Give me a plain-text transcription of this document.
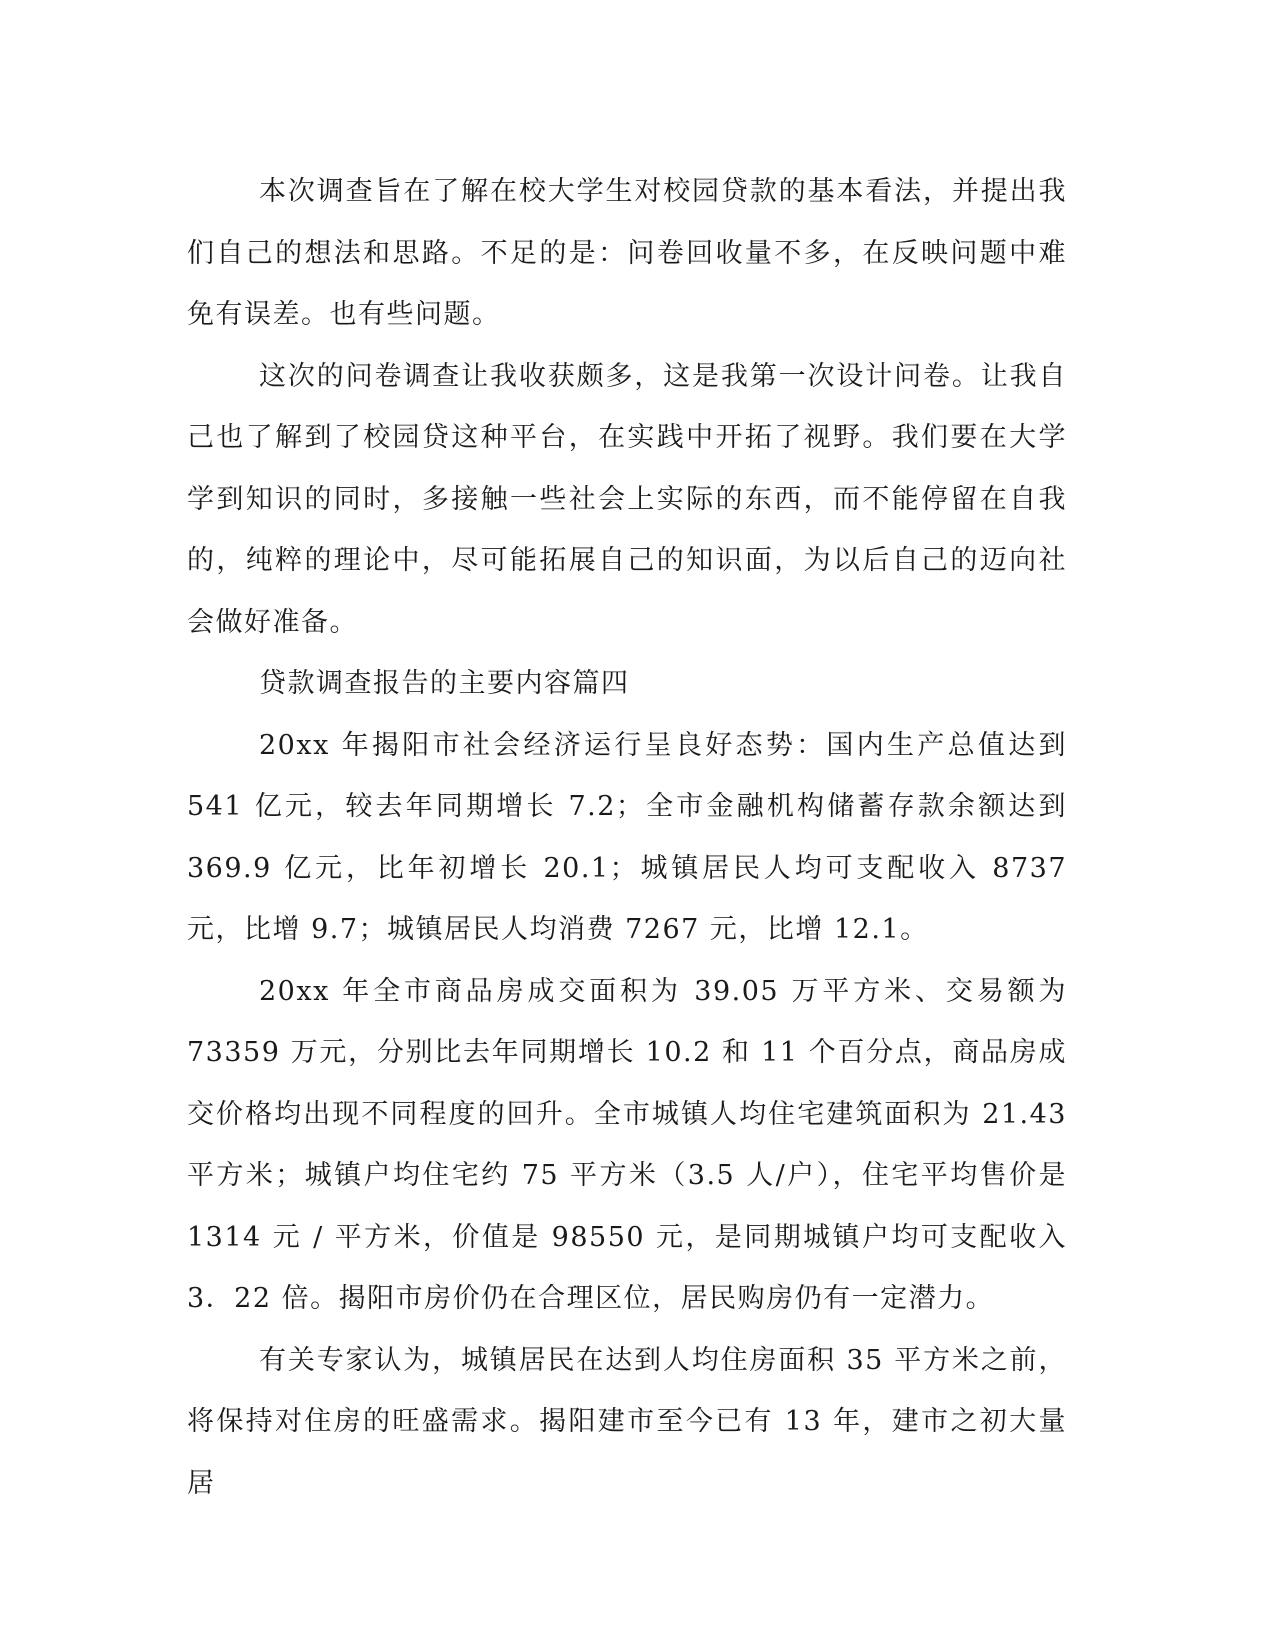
本次调查旨在了解在校大学生对校园贷款的基本看法，并提出我们自己的想法和思路。不足的是：问卷回收量不多，在反映问题中难免有误差。也有些问题。

这次的问卷调查让我收获颇多，这是我第一次设计问卷。让我自己也了解到了校园贷这种平台，在实践中开拓了视野。我们要在大学学到知识的同时，多接触一些社会上实际的东西，而不能停留在自我的，纯粹的理论中，尽可能拓展自己的知识面，为以后自己的迈向社会做好准备。

贷款调查报告的主要内容篇四

20xx 年揭阳市社会经济运行呈良好态势：国内生产总值达到 541 亿元，较去年同期增长 7.2；全市金融机构储蓄存款余额达到 369.9 亿元，比年初增长 20.1；城镇居民人均可支配收入 8737 元，比增 9.7；城镇居民人均消费 7267 元，比增 12.1。

20xx 年全市商品房成交面积为 39.05 万平方米、交易额为 73359 万元，分别比去年同期增长 10.2 和 11 个百分点，商品房成交价格均出现不同程度的回升。全市城镇人均住宅建筑面积为 21.43 平方米；城镇户均住宅约 75 平方米（3.5 人/户），住宅平均售价是 1314 元 / 平方米，价值是 98550 元，是同期城镇户均可支配收入 3．22 倍。揭阳市房价仍在合理区位，居民购房仍有一定潜力。

有关专家认为，城镇居民在达到人均住房面积 35 平方米之前，将保持对住房的旺盛需求。揭阳建市至今已有 13 年，建市之初大量居
